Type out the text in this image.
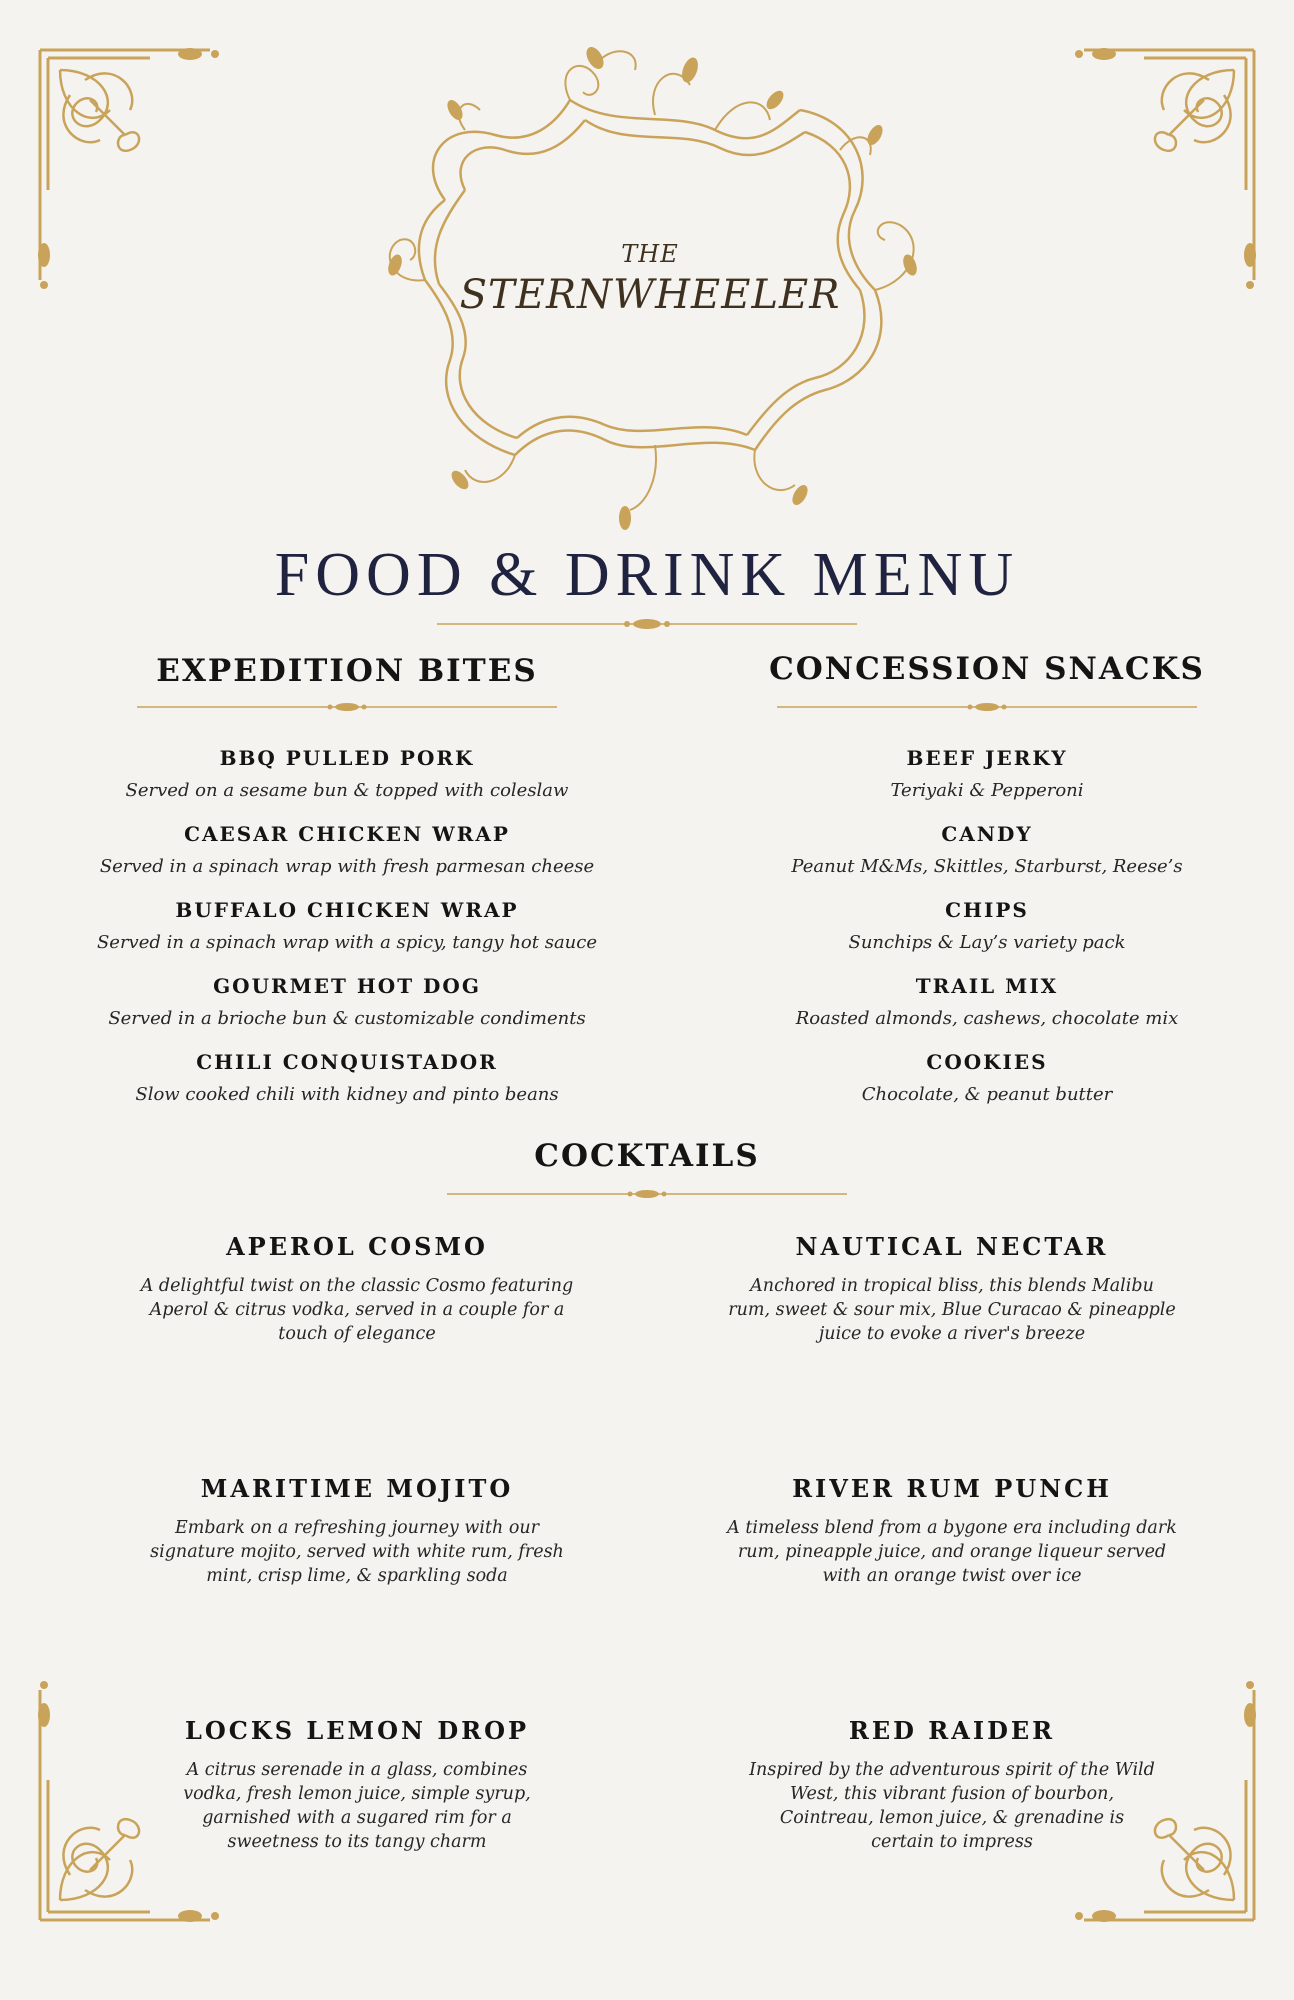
THE
STERNWHEELER
FOOD & DRINK MENU
EXPEDITION BITES
BBQ PULLED PORK
Served on a sesame bun & topped with coleslaw
CAESAR CHICKEN WRAP
Served in a spinach wrap with fresh parmesan cheese
BUFFALO CHICKEN WRAP
Served in a spinach wrap with a spicy, tangy hot sauce
GOURMET HOT DOG
Served in a brioche bun & customizable condiments
CHILI CONQUISTADOR
Slow cooked chili with kidney and pinto beans
CONCESSION SNACKS
BEEF JERKY
Teriyaki & Pepperoni
CANDY
Peanut M&Ms, Skittles, Starburst, Reese’s
CHIPS
Sunchips & Lay’s variety pack
TRAIL MIX
Roasted almonds, cashews, chocolate mix
COOKIES
Chocolate, & peanut butter
COCKTAILS
APEROL COSMO
A delightful twist on the classic Cosmo featuring Aperol & citrus vodka, served in a couple for a touch of elegance
NAUTICAL NECTAR
Anchored in tropical bliss, this blends Malibu rum, sweet & sour mix, Blue Curacao & pineapple juice to evoke a river's breeze
MARITIME MOJITO
Embark on a refreshing journey with our signature mojito, served with white rum, fresh mint, crisp lime, & sparkling soda
RIVER RUM PUNCH
A timeless blend from a bygone era including dark rum, pineapple juice, and orange liqueur served with an orange twist over ice
LOCKS LEMON DROP
A citrus serenade in a glass, combines vodka, fresh lemon juice, simple syrup, garnished with a sugared rim for a sweetness to its tangy charm
RED RAIDER
Inspired by the adventurous spirit of the Wild West, this vibrant fusion of bourbon, Cointreau, lemon juice, & grenadine is certain to impress
